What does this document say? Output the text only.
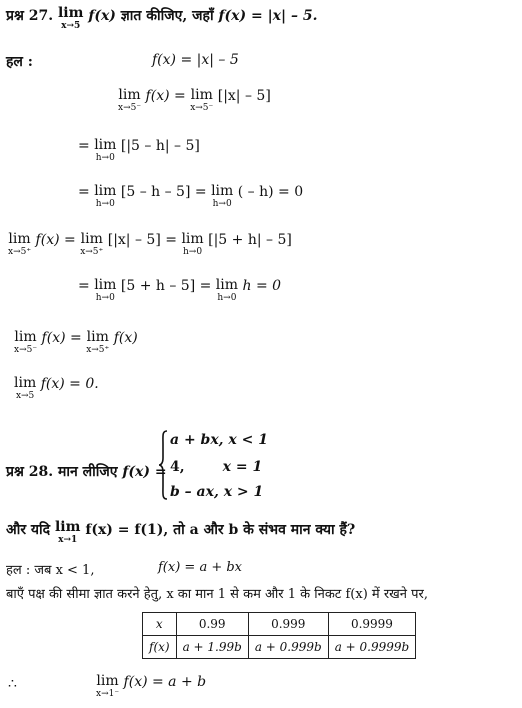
प्रश्न 27. lim
x→5
f(x) ज्ञात कीजिए, जहाँ f(x) = |x| – 5.
हल :	f(x) = |x| – 5
lim
x→5⁻
f(x) = lim
x→5⁻
[|x| – 5]
= lim
h→0
[|5 – h| – 5]
= lim
h→0
[5 – h – 5] = lim
h→0
( – h) = 0
lim
x→5⁺
f(x) = lim
x→5⁺
[|x| – 5] = lim
h→0
[|5 + h| – 5]
= lim
h→0
[5 + h – 5] = lim
h→0
h = 0
lim
x→5⁻
f(x) = lim
x→5⁺
f(x)
lim
x→5
f(x) = 0.
प्रश्न 28. मान लीजिए f(x) =
a + bx, x < 1
4,	x = 1
b – ax, x > 1
और यदि lim
x→1
f(x) = f(1), तो a और b के संभव मान क्या हैं?
हल : जब x < 1,	f(x) = a + bx
बाएँ पक्ष की सीमा ज्ञात करने हेतु, x का मान 1 से कम और 1 के निकट f(x) में रखने पर,
x	0.99	0.999	0.9999
f(x)	a + 1.99b	a + 0.999b	a + 0.9999b
∴	lim
x→1⁻
f(x) = a + b
